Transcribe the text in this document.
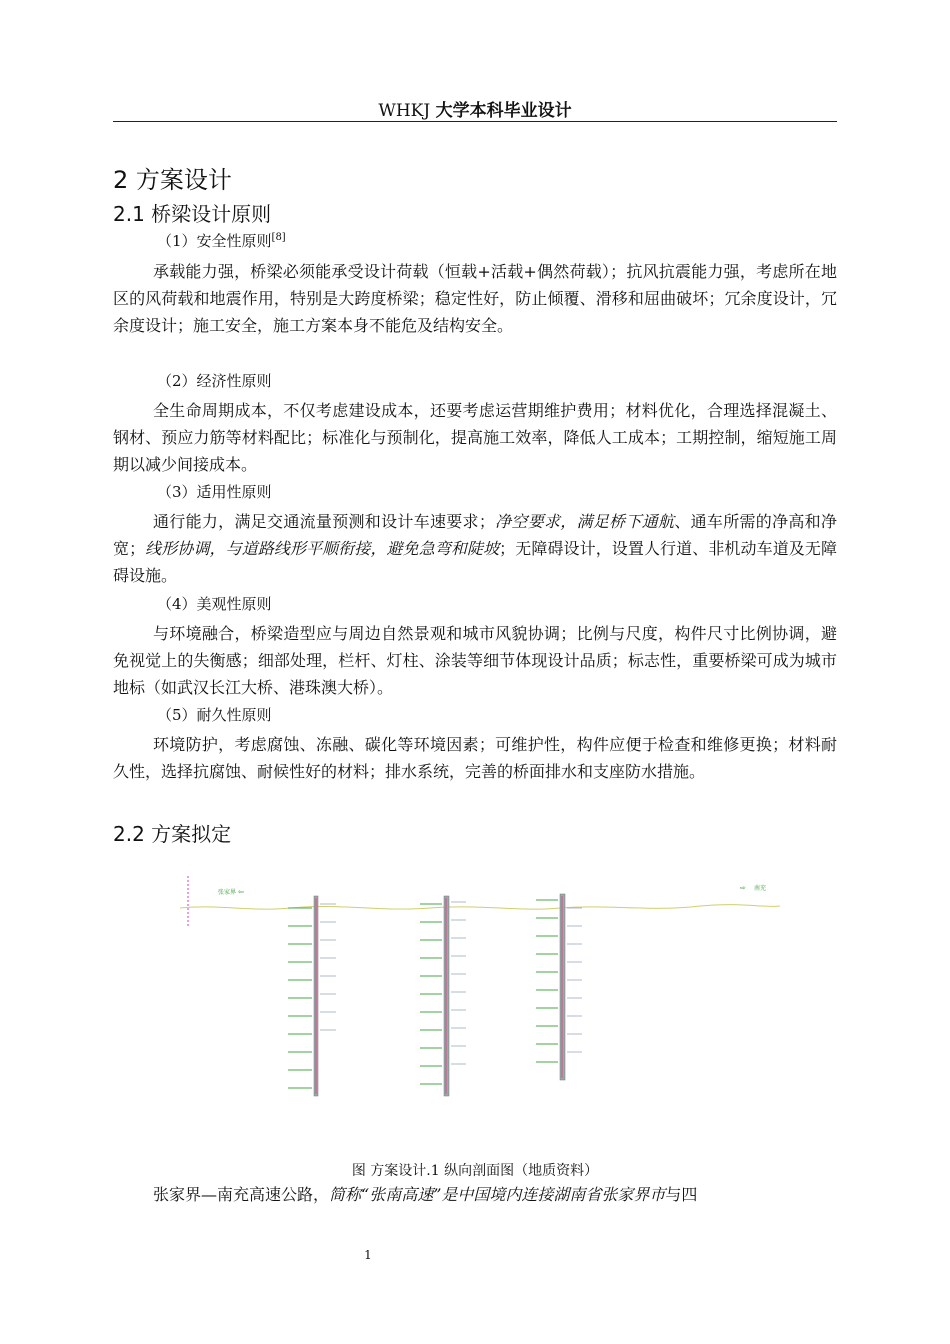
WHKJ 大学本科毕业设计
2 方案设计
2.1 桥梁设计原则
（1）安全性原则[8]
承载能力强，桥梁必须能承受设计荷载（恒载+活载+偶然荷载）；抗风抗震能力强，考虑所在地区的风荷载和地震作用，特别是大跨度桥梁；稳定性好，防止倾覆、滑移和屈曲破坏；冗余度设计，冗余度设计；施工安全，施工方案本身不能危及结构安全。
（2）经济性原则
全生命周期成本，不仅考虑建设成本，还要考虑运营期维护费用；材料优化，合理选择混凝土、钢材、预应力筋等材料配比；标准化与预制化，提高施工效率，降低人工成本；工期控制，缩短施工周期以减少间接成本。
（3）适用性原则
通行能力，满足交通流量预测和设计车速要求；净空要求，满足桥下通航、通车所需的净高和净宽；线形协调，与道路线形平顺衔接，避免急弯和陡坡；无障碍设计，设置人行道、非机动车道及无障碍设施。
（4）美观性原则
与环境融合，桥梁造型应与周边自然景观和城市风貌协调；比例与尺度，构件尺寸比例协调，避免视觉上的失衡感；细部处理，栏杆、灯柱、涂装等细节体现设计品质；标志性，重要桥梁可成为城市地标（如武汉长江大桥、港珠澳大桥）。
（5）耐久性原则
环境防护，考虑腐蚀、冻融、碳化等环境因素；可维护性，构件应便于检查和维修更换；材料耐久性，选择抗腐蚀、耐候性好的材料；排水系统，完善的桥面排水和支座防水措施。
2.2 方案拟定
张家界 ⇦	⇨ 南充
图 方案设计.1 纵向剖面图（地质资料）
张家界—南充高速公路，简称“张南高速”是中国境内连接湖南省张家界市与四
1
